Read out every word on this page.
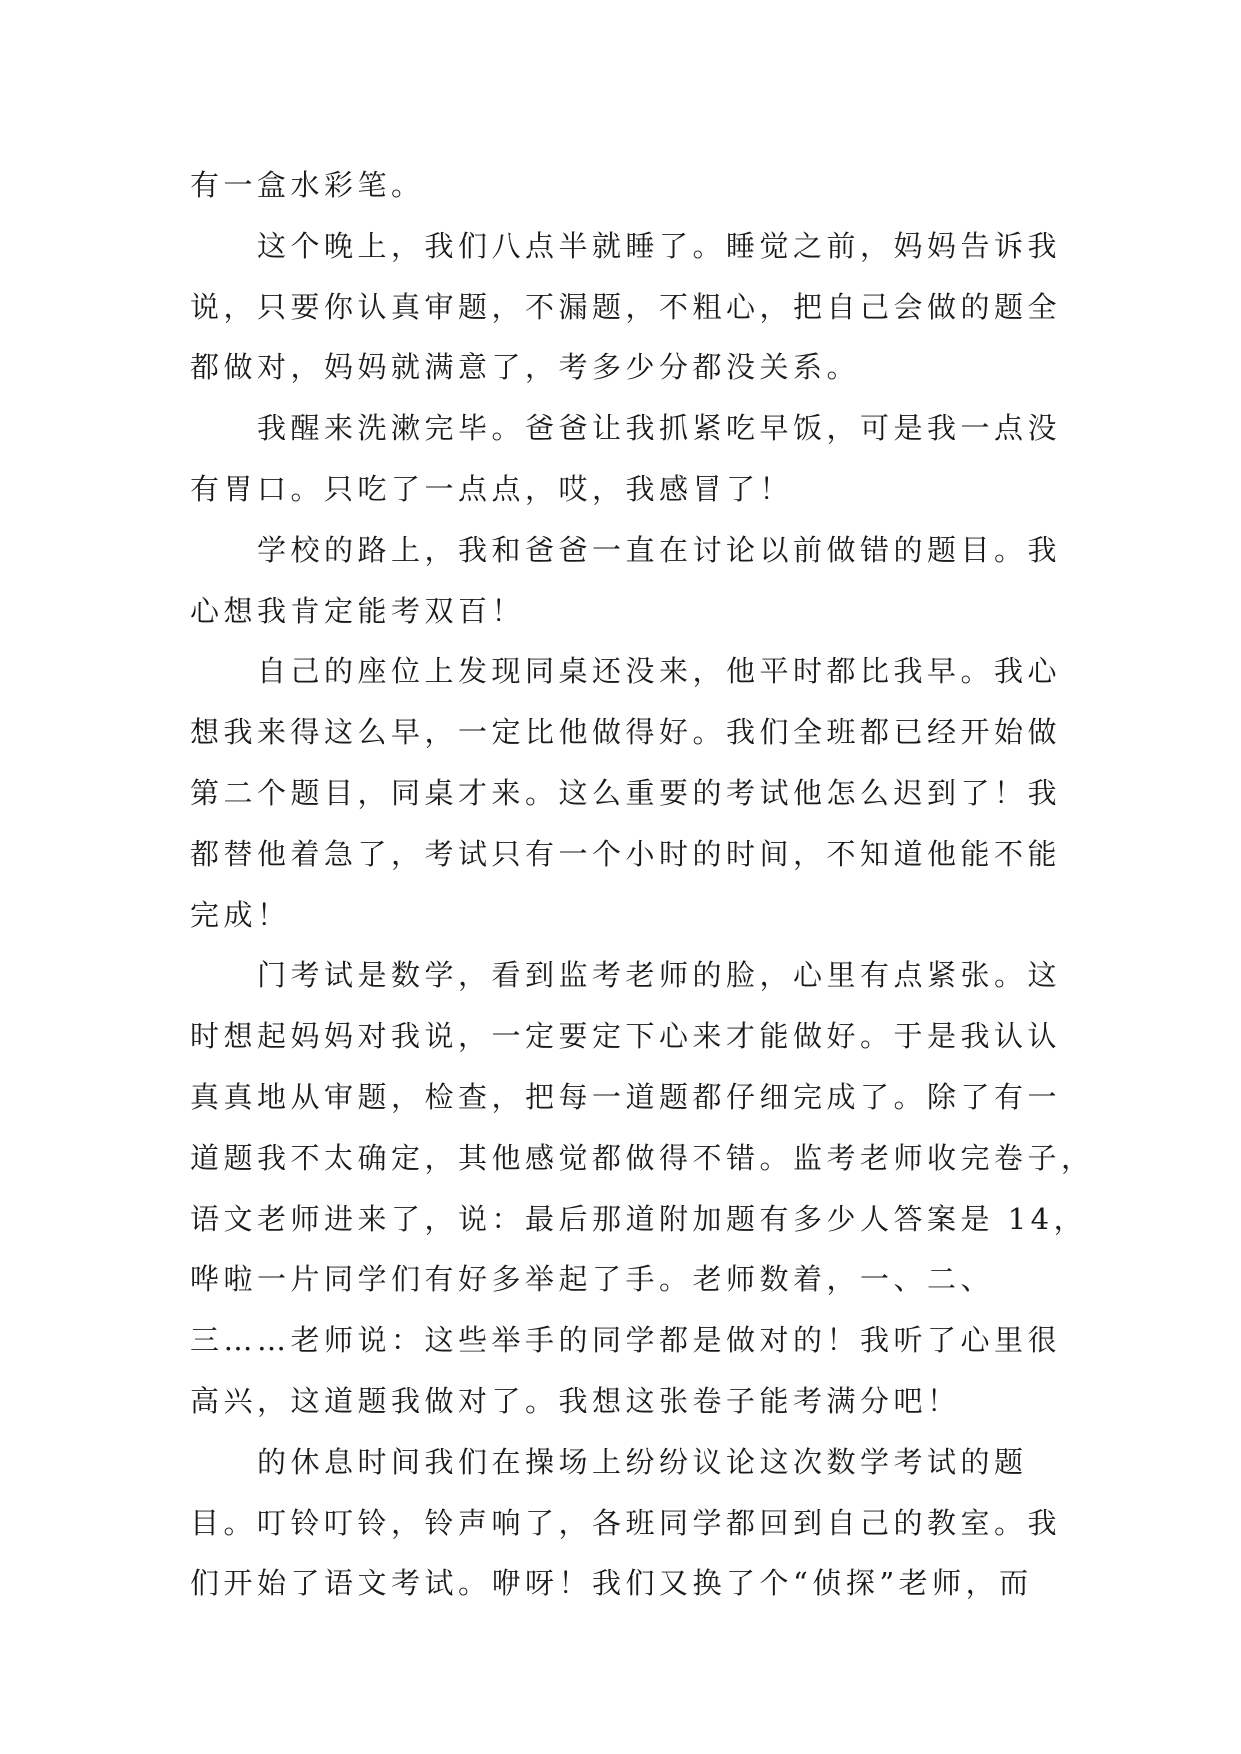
有一盒水彩笔。
这个晚上，我们八点半就睡了。睡觉之前，妈妈告诉我
说，只要你认真审题，不漏题，不粗心，把自己会做的题全
都做对，妈妈就满意了，考多少分都没关系。
我醒来洗漱完毕。爸爸让我抓紧吃早饭，可是我一点没
有胃口。只吃了一点点，哎，我感冒了！
学校的路上，我和爸爸一直在讨论以前做错的题目。我
心想我肯定能考双百！
自己的座位上发现同桌还没来，他平时都比我早。我心
想我来得这么早，一定比他做得好。我们全班都已经开始做
第二个题目，同桌才来。这么重要的考试他怎么迟到了！我
都替他着急了，考试只有一个小时的时间，不知道他能不能
完成！
门考试是数学，看到监考老师的脸，心里有点紧张。这
时想起妈妈对我说，一定要定下心来才能做好。于是我认认
真真地从审题，检查，把每一道题都仔细完成了。除了有一
道题我不太确定，其他感觉都做得不错。监考老师收完卷子，
语文老师进来了，说：最后那道附加题有多少人答案是 14，
哗啦一片同学们有好多举起了手。老师数着，一、二、
三……老师说：这些举手的同学都是做对的！我听了心里很
高兴，这道题我做对了。我想这张卷子能考满分吧！
的休息时间我们在操场上纷纷议论这次数学考试的题
目。叮铃叮铃，铃声响了，各班同学都回到自己的教室。我
们开始了语文考试。咿呀！我们又换了个“侦探”老师，而
